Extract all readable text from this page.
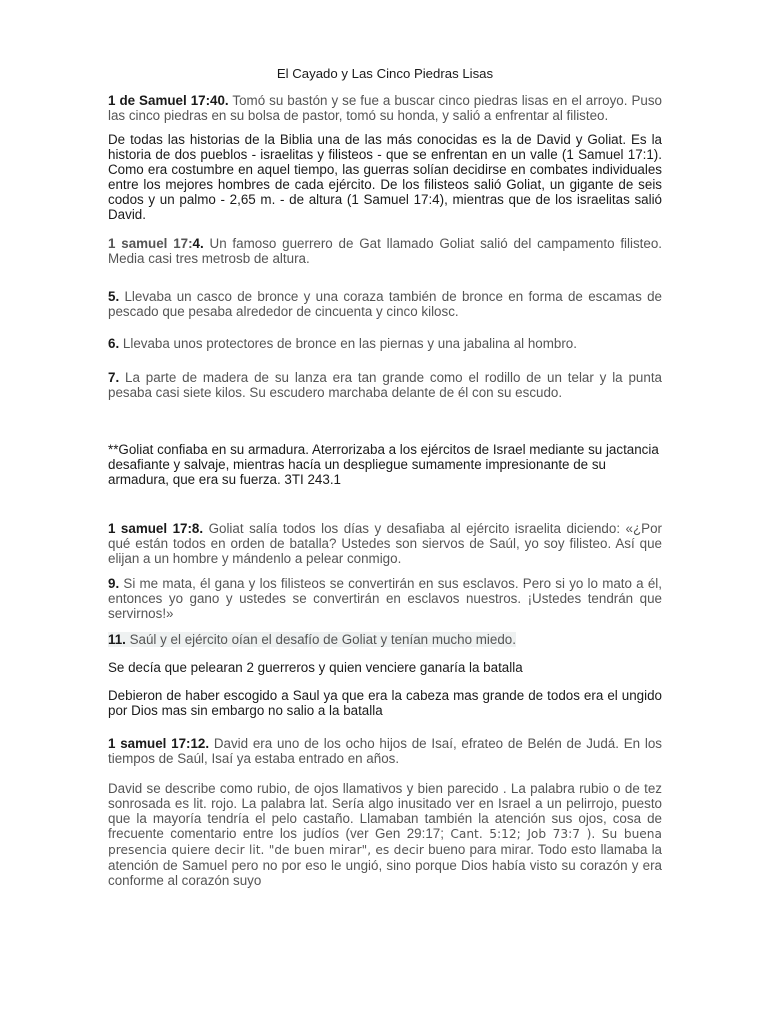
El Cayado y Las Cinco Piedras Lisas

1 de Samuel 17:40. Tomó su bastón y se fue a buscar cinco piedras lisas en el arroyo. Puso las cinco piedras en su bolsa de pastor, tomó su honda, y salió a enfrentar al filisteo.

De todas las historias de la Biblia una de las más conocidas es la de David y Goliat. Es la historia de dos pueblos - israelitas y filisteos - que se enfrentan en un valle (1 Samuel 17:1). Como era costumbre en aquel tiempo, las guerras solían decidirse en combates individuales entre los mejores hombres de cada ejército. De los filisteos salió Goliat, un gigante de seis codos y un palmo - 2,65 m. - de altura (1 Samuel 17:4), mientras que de los israelitas salió David.

1 samuel 17:4. Un famoso guerrero de Gat llamado Goliat salió del campamento filisteo. Media casi tres metrosb de altura.

5. Llevaba un casco de bronce y una coraza también de bronce en forma de escamas de pescado que pesaba alrededor de cincuenta y cinco kilosc.

6. Llevaba unos protectores de bronce en las piernas y una jabalina al hombro.

7. La parte de madera de su lanza era tan grande como el rodillo de un telar y la punta pesaba casi siete kilos. Su escudero marchaba delante de él con su escudo.

**Goliat confiaba en su armadura. Aterrorizaba a los ejércitos de Israel mediante su jactancia desafiante y salvaje, mientras hacía un despliegue sumamente impresionante de su armadura, que era su fuerza. 3TI 243.1

1 samuel 17:8. Goliat salía todos los días y desafiaba al ejército israelita diciendo: «¿Por qué están todos en orden de batalla? Ustedes son siervos de Saúl, yo soy filisteo. Así que elijan a un hombre y mándenlo a pelear conmigo.

9. Si me mata, él gana y los filisteos se convertirán en sus esclavos. Pero si yo lo mato a él, entonces yo gano y ustedes se convertirán en esclavos nuestros. ¡Ustedes tendrán que servirnos!»

11. Saúl y el ejército oían el desafío de Goliat y tenían mucho miedo.

Se decía que pelearan 2 guerreros y quien venciere ganaría la batalla

Debieron de haber escogido a Saul ya que era la cabeza mas grande de todos era el ungido por Dios mas sin embargo no salio a la batalla

1 samuel 17:12. David era uno de los ocho hijos de Isaí, efrateo de Belén de Judá. En los tiempos de Saúl, Isaí ya estaba entrado en años.

David se describe como rubio, de ojos llamativos y bien parecido . La palabra rubio o de tez sonrosada es lit. rojo. La palabra lat. Sería algo inusitado ver en Israel a un pelirrojo, puesto que la mayoría tendría el pelo castaño. Llamaban también la atención sus ojos, cosa de frecuente comentario entre los judíos (ver Gen 29:17; Cant. 5:12; Job 73:7 ). Su buena presencia quiere decir lit. "de buen mirar", es decir bueno para mirar. Todo esto llamaba la atención de Samuel pero no por eso le ungió, sino porque Dios había visto su corazón y era conforme al corazón suyo
